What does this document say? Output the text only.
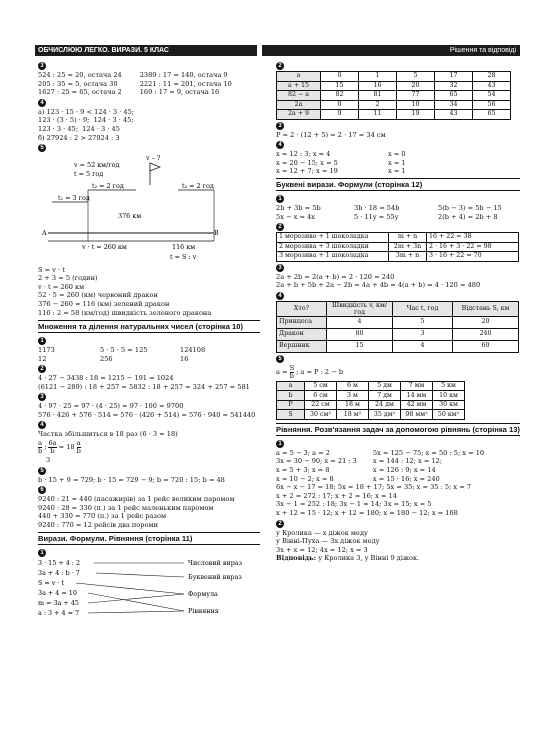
ОБЧИСЛЮЮ ЛЕГКО. ВИРАЗИ. 5 КЛАС	Рішення та відповіді
3
524 : 25 = 20, остача 24
205 : 35 = 5, остача 30
1627 : 25 = 65, остача 2
2389 : 17 = 140, остача 9
2221 : 11 = 201, остача 10
169 : 17 = 9, остача 16
4
а) 123 · 15 · 9 < 124 · 3 · 45;
123 · (3 · 5) · 9;  124 · 3 · 45;
123 · 3 · 45;  124 · 3 · 45
б) 27924 : 2 > 27924 : 3
5
v = 52 км/год
t = 5 год
v – ?
t₂ = 2 год	t₂ = 2 год
t₁ = 3 год
376 км
A	B
v · t = 260 км	116 км
t = S : v
S = v · t
2 + 3 = 5 (годин)
v · t = 260 км
52 · 5 = 260 (км) червоний дракон
376 − 260 = 116 (км) зелений дракон
116 : 2 = 58 (км/год) швидкість зеленого дракона
Множення та ділення натуральних чисел (сторінка 10)
1
1173	5 · 5 · 5 = 125	124108
12	256	16
2
4 · 27 − 3438 : 18 = 1215 − 191 = 1024
(6121 − 289) : 18 + 257 = 5832 : 18 + 257 = 324 + 257 = 581
3
4 · 97 · 25 = 97 · (4 · 25) = 97 · 100 = 9700
576 · 426 + 576 · 514 = 576 · (426 + 514) = 576 · 940 = 541440
4
Частка збільшиться в 18 раз (6 · 3 = 18)
$\frac{a}{b}$ ; $\frac{6a}{b} = 18 \frac{a}{b}$
3
5
b · 15 + 9 = 729; b · 15 = 729 − 9; b = 720 : 15; b = 48
6
9240 : 21 = 440 (пасажирів) за 1 рейс великим паромом
9240 : 28 = 330 (п.) за 1 рейс маленьким паромом
440 + 330 = 770 (п.) за 1 рейс разом
9240 : 770 = 12 рейсів два пороми
Вирази. Формули. Рівняння (сторінка 11)
1
3 · 15 + 4 : 2
3a + 4 : b · 7
S = v · t
3a + 4 = 10
m = 3a + 45
a : 3 + 4 = 7
Числовий вираз
Буквений вираз
Формула
Рівняння
2
a	0	1	5	17	28
a + 15	15	16	20	32	43
82 − a	82	81	77	65	54
2a	0	2	10	34	56
2a + 9	9	11	19	43	65
3
P = 2 · (12 + 5) = 2 · 17 = 34 см
4
x = 12 : 3; x = 4	x = 0
x = 20 − 15; x = 5	x = 1
x = 12 + 7; x = 19	x = 1
Буквені вирази. Формули (сторінка 12)
1
2b + 3b = 5b	3b · 18 = 54b	5(b − 3) = 5b − 15
5x − x = 4x	5 · 11y = 55y	2(b + 4) = 2b + 8
2
1 морозиво + 1 шоколадка	m + n	16 + 22 = 38
2 морозива + 3 шоколадки	2m + 3n	2 · 16 + 3 · 22 = 98
3 морозива + 1 шоколадка	3m + n	3 · 16 + 22 = 70
3
2a + 2b = 2(a + b) = 2 · 120 = 240
2a + b + 5b + 2a − 2b = 4a + 4b = 4(a + b) = 4 · 120 = 480
4
Хто?	Швидкість v, км/год	Час t, год	Відстань S, км
Принцеса	4	5	20
Дракон	80	3	240
Вершник	15	4	60
5
$a = \frac{S}{b}$ ; a = P : 2 − b
a	5 см	6 м	5 дм	7 мм	5 км
b	6 см	3 м	7 дм	14 мм	10 км
P	22 см	18 м	24 дм	42 мм	30 км
S	30 см²	18 м²	35 дм²	98 мм²	50 км²
Рівняння. Розв'язання задач за допомогою рівнянь (сторінка 13)
1
a = 5 − 3; a = 2
3x = 30 − 90; x = 21 : 3
x = 5 + 3; x = 8
x = 10 − 2; x = 8
5x = 125 − 75; x = 50 : 5; x = 10
x = 144 : 12; x = 12;
x = 126 : 9; x = 14
x = 15 · 16; x = 240
6x − x − 17 = 18; 5x = 18 + 17; 5x = 35; x = 35 : 5; x = 7
x + 2 = 272 : 17; x + 2 = 16; x = 14
3x − 1 = 252 : 18; 3x − 1 = 14; 3x = 15; x = 5
x + 12 = 15 · 12; x + 12 = 180; x = 180 − 12; x = 168
2
у Кролика — x діжок меду
у Вінні-Пуха — 3x діжок меду
3x + x = 12; 4x = 12; x = 3
Відповідь: у Кролика 3, у Вінні 9 діжок.
